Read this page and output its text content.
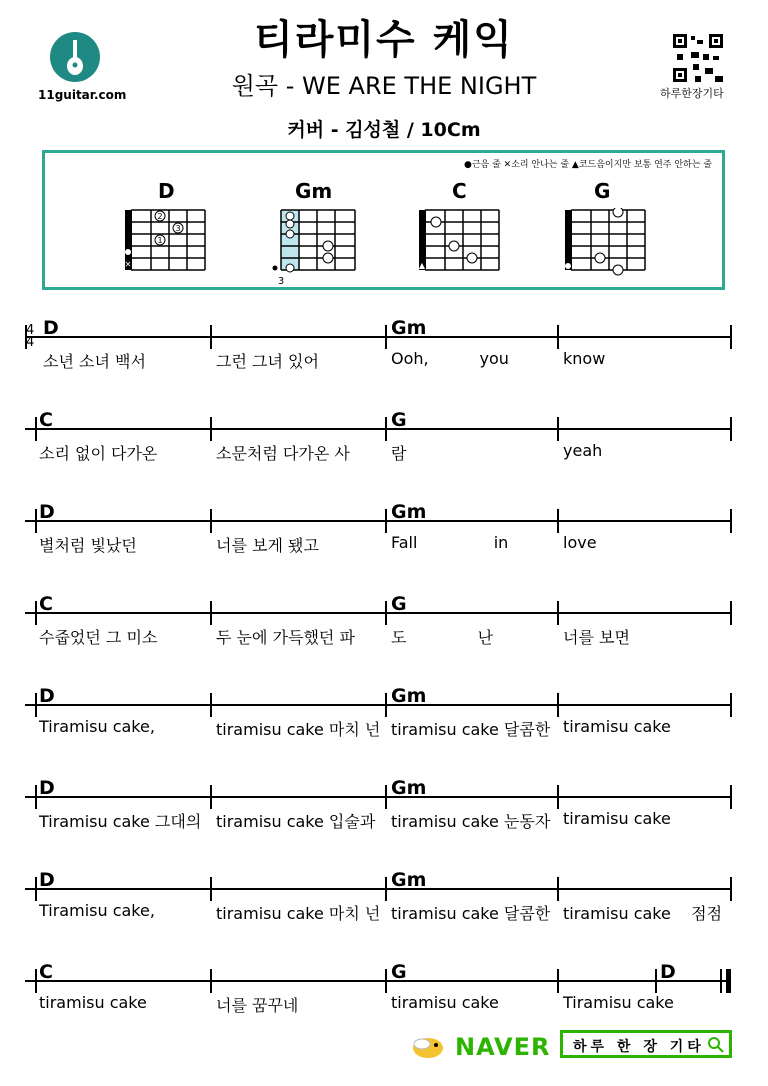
11guitar.com
티라미수 케익
원곡 - WE ARE THE NIGHT
커버 - 김성철 / 10Cm
하루한장기타
●근음 줄 ✕소리 안나는 줄 ▲코드음이지만 보통 연주 안하는 줄
D
2
3
1
✕
Gm
3
C
▲
G
4
4
D
소년 소녀 백서	그런 그녀 있어
Gm
Ooh,          you	know
C
소리 없이 다가온	소문처럼 다가온 사
G
람	yeah
D
별처럼 빛났던	너를 보게 됐고
Gm
Fall               in	love
C
수줍었던 그 미소	두 눈에 가득했던 파
G
도              난	너를 보면
D
Tiramisu cake,	tiramisu cake 마치 넌
Gm
tiramisu cake 달콤한 tiramisu cake
D
Tiramisu cake 그대의 tiramisu cake 입술과
Gm
tiramisu cake 눈동자 tiramisu cake
D
Tiramisu cake,	tiramisu cake 마치 넌
Gm
tiramisu cake 달콤한 tiramisu cake    점점
C
tiramisu cake	너를 꿈꾸네
G
tiramisu cake	Tiramisu cake
D
NAVER 하루 한 장 기타
